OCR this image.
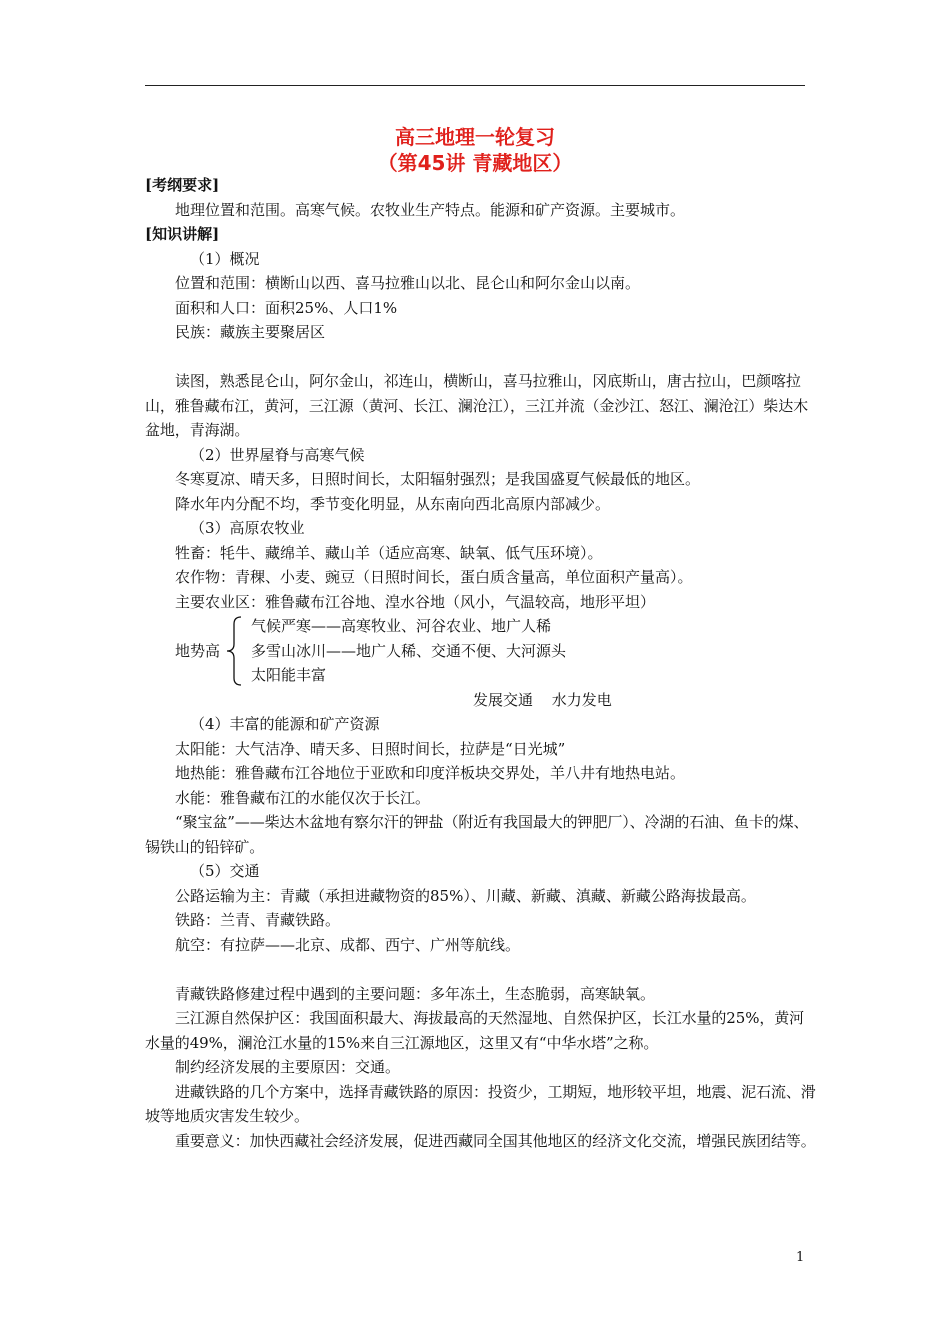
高三地理一轮复习
（第45讲 青藏地区）

[考纲要求]

地理位置和范围。高寒气候。农牧业生产特点。能源和矿产资源。主要城市。

[知识讲解]

（1）概况

位置和范围：横断山以西、喜马拉雅山以北、昆仑山和阿尔金山以南。

面积和人口：面积25%、人口1%

民族：藏族主要聚居区

读图，熟悉昆仑山，阿尔金山，祁连山，横断山，喜马拉雅山，冈底斯山，唐古拉山，巴颜喀拉山，雅鲁藏布江，黄河，三江源（黄河、长江、澜沧江），三江并流（金沙江、怒江、澜沧江）柴达木盆地，青海湖。

（2）世界屋脊与高寒气候

冬寒夏凉、晴天多，日照时间长，太阳辐射强烈；是我国盛夏气候最低的地区。

降水年内分配不均，季节变化明显，从东南向西北高原内部减少。

（3）高原农牧业

牲畜：牦牛、藏绵羊、藏山羊（适应高寒、缺氧、低气压环境）。

农作物：青稞、小麦、豌豆（日照时间长，蛋白质含量高，单位面积产量高）。

主要农业区：雅鲁藏布江谷地、湟水谷地（风小，气温较高，地形平坦）

地势高
气候严寒——高寒牧业、河谷农业、地广人稀
多雪山冰川——地广人稀、交通不便、大河源头
太阳能丰富

发展交通 水力发电

（4）丰富的能源和矿产资源

太阳能：大气洁净、晴天多、日照时间长，拉萨是“日光城”

地热能：雅鲁藏布江谷地位于亚欧和印度洋板块交界处，羊八井有地热电站。

水能：雅鲁藏布江的水能仅次于长江。

“聚宝盆”——柴达木盆地有察尔汗的钾盐（附近有我国最大的钾肥厂）、冷湖的石油、鱼卡的煤、锡铁山的铅锌矿。

（5）交通

公路运输为主：青藏（承担进藏物资的85%）、川藏、新藏、滇藏、新藏公路海拔最高。

铁路：兰青、青藏铁路。

航空：有拉萨——北京、成都、西宁、广州等航线。

青藏铁路修建过程中遇到的主要问题：多年冻土，生态脆弱，高寒缺氧。

三江源自然保护区：我国面积最大、海拔最高的天然湿地、自然保护区，长江水量的25%，黄河水量的49%，澜沧江水量的15%来自三江源地区，这里又有“中华水塔”之称。

制约经济发展的主要原因：交通。

进藏铁路的几个方案中，选择青藏铁路的原因：投资少，工期短，地形较平坦，地震、泥石流、滑坡等地质灾害发生较少。

重要意义：加快西藏社会经济发展，促进西藏同全国其他地区的经济文化交流，增强民族团结等。

1
